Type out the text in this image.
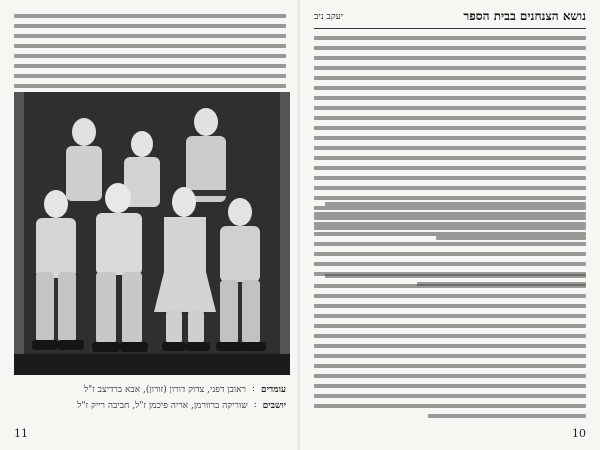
עומדים
:
ראובן דפני, צדוק דורון (זורון), אבא ברדיצב ז"ל
יושבים
:
שוריקה ברוורמן, אריה פיכמן ז"ל, חביבה רייק ז"ל
11
נושא הצנחנים בבית הספר
יעקב ניב
10
